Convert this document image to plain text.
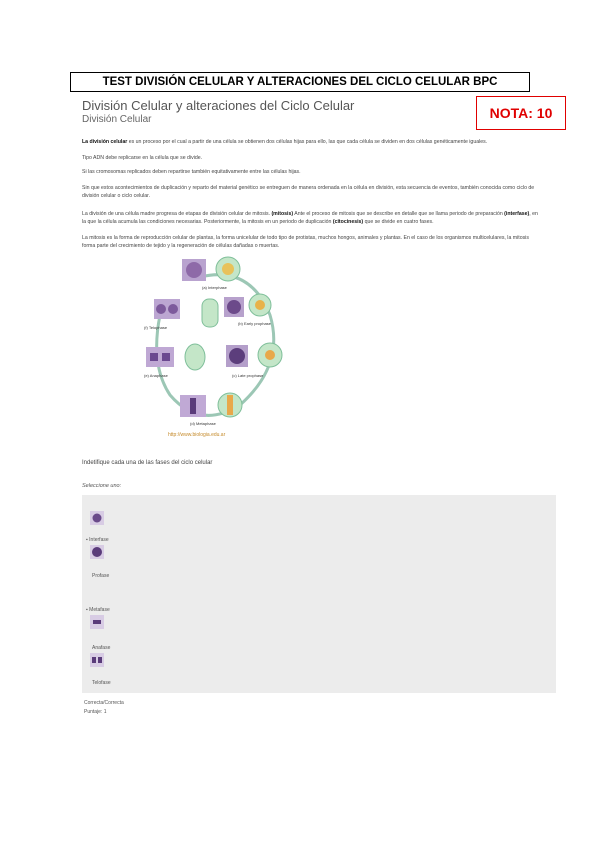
TEST DIVISIÓN CELULAR Y ALTERACIONES DEL CICLO CELULAR BPC
NOTA: 10
División Celular y alteraciones del Ciclo Celular
División Celular
La división celular es un proceso por el cual a partir de una célula se obtienen dos células hijas para ello, las que cada célula se dividen en dos células genéticamente iguales.
Tipo ADN debe replicarse en la célula que se divide.
Si las cromosomas replicados deben repartirse también equitativamente entre las células hijas.
Sin que estos acontecimientos de duplicación y reparto del material genético se entreguen de manera ordenada en la célula en división, esta secuencia de eventos, también conocida como ciclo de división celular o ciclo celular.
La división de una célula madre progresa de etapas de división celular de mitosis. (mitosis) Ante el proceso de mitosis que se describe en detalle que se llama periodo de preparación (interfase), en la que la célula acumula las condiciones necesarias. Posteriormente, la mitosis en un periodo de duplicación (citocinesis) que se divide en cuatro fases.
La mitosis es la forma de reproducción celular de plantas, la forma unicelular de todo tipo de protistas, muchos hongos, animales y plantas. En el caso de los organismos multicelulares, la mitosis forma parte del crecimiento de tejido y la regeneración de células dañadas o muertas.
(a) Interphase
(b) Early prophase
(c) Late prophase
(d) Metaphase
(e) Anaphase
(f) Telophase
http://www.biologia.edu.ar
Indetifique cada una de las fases del ciclo celular
Seleccione uno:
▪ Interfase
Profase
▪ Metafase
Anafase
Telofase
Correcta/Correcta
Puntaje: 1
